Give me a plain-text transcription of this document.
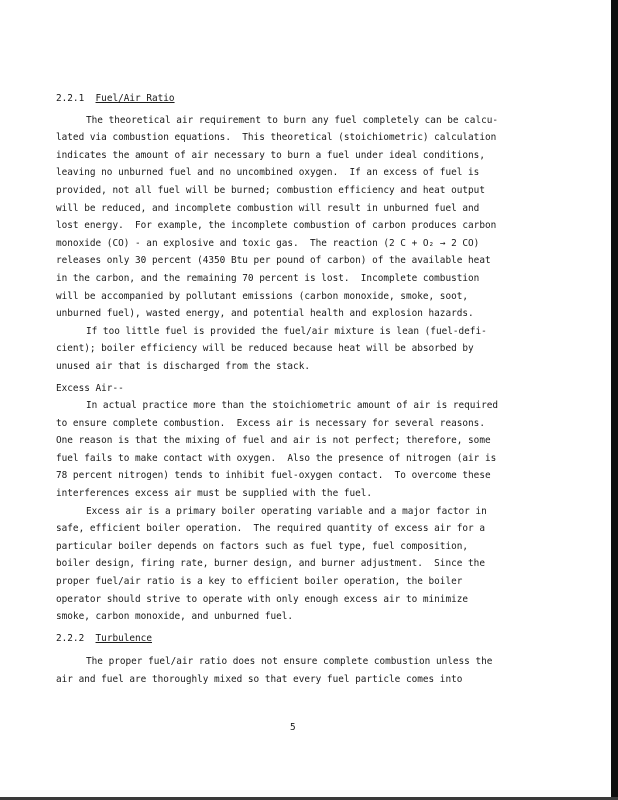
2.2.1 Fuel/Air Ratio
The theoretical air requirement to burn any fuel completely can be calcu-
lated via combustion equations.  This theoretical (stoichiometric) calculation
indicates the amount of air necessary to burn a fuel under ideal conditions,
leaving no unburned fuel and no uncombined oxygen.  If an excess of fuel is
provided, not all fuel will be burned; combustion efficiency and heat output
will be reduced, and incomplete combustion will result in unburned fuel and
lost energy.  For example, the incomplete combustion of carbon produces carbon
monoxide (CO) - an explosive and toxic gas.  The reaction (2 C + O₂ → 2 CO)
releases only 30 percent (4350 Btu per pound of carbon) of the available heat
in the carbon, and the remaining 70 percent is lost.  Incomplete combustion
will be accompanied by pollutant emissions (carbon monoxide, smoke, soot,
unburned fuel), wasted energy, and potential health and explosion hazards.
If too little fuel is provided the fuel/air mixture is lean (fuel-defi-
cient); boiler efficiency will be reduced because heat will be absorbed by
unused air that is discharged from the stack.
Excess Air--
In actual practice more than the stoichiometric amount of air is required
to ensure complete combustion.  Excess air is necessary for several reasons.
One reason is that the mixing of fuel and air is not perfect; therefore, some
fuel fails to make contact with oxygen.  Also the presence of nitrogen (air is
78 percent nitrogen) tends to inhibit fuel-oxygen contact.  To overcome these
interferences excess air must be supplied with the fuel.
Excess air is a primary boiler operating variable and a major factor in
safe, efficient boiler operation.  The required quantity of excess air for a
particular boiler depends on factors such as fuel type, fuel composition,
boiler design, firing rate, burner design, and burner adjustment.  Since the
proper fuel/air ratio is a key to efficient boiler operation, the boiler
operator should strive to operate with only enough excess air to minimize
smoke, carbon monoxide, and unburned fuel.
2.2.2 Turbulence
The proper fuel/air ratio does not ensure complete combustion unless the
air and fuel are thoroughly mixed so that every fuel particle comes into
5
